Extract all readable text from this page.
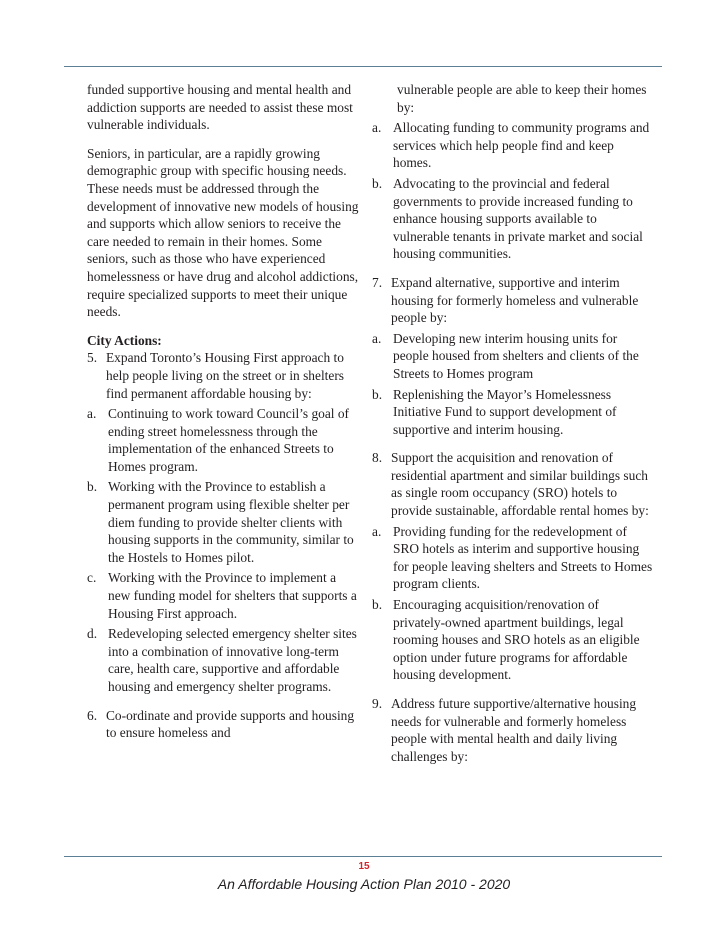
funded supportive housing and mental health and addiction supports are needed to assist these most vulnerable individuals.

Seniors, in particular, are a rapidly growing demographic group with specific housing needs. These needs must be addressed through the development of innovative new models of housing and supports which allow seniors to receive the care needed to remain in their homes. Some seniors, such as those who have experienced homelessness or have drug and alcohol addictions, require specialized supports to meet their unique needs.

City Actions:

5. Expand Toronto’s Housing First approach to help people living on the street or in shelters find permanent affordable housing by:
a. Continuing to work toward Council’s goal of ending street homelessness through the implementation of the enhanced Streets to Homes program.
b. Working with the Province to establish a permanent program using flexible shelter per diem funding to provide shelter clients with housing supports in the community, similar to the Hostels to Homes pilot.
c. Working with the Province to implement a new funding model for shelters that supports a Housing First approach.
d. Redeveloping selected emergency shelter sites into a combination of innovative long-term care, health care, supportive and affordable housing and emergency shelter programs.
6. Co-ordinate and provide supports and housing to ensure homeless and

vulnerable people are able to keep their homes by:

a. Allocating funding to community programs and services which help people find and keep homes.
b. Advocating to the provincial and federal governments to provide increased funding to enhance housing supports available to vulnerable tenants in private market and social housing communities.
7. Expand alternative, supportive and interim housing for formerly homeless and vulnerable people by:
a. Developing new interim housing units for people housed from shelters and clients of the Streets to Homes program
b. Replenishing the Mayor’s Homelessness Initiative Fund to support development of supportive and interim housing.
8. Support the acquisition and renovation of residential apartment and similar buildings such as single room occupancy (SRO) hotels to provide sustainable, affordable rental homes by:
a. Providing funding for the redevelopment of SRO hotels as interim and supportive housing for people leaving shelters and Streets to Homes program clients.
b. Encouraging acquisition/renovation of privately-owned apartment buildings, legal rooming houses and SRO hotels as an eligible option under future programs for affordable housing development.
9. Address future supportive/alternative housing needs for vulnerable and formerly homeless people with mental health and daily living challenges by:
15
An Affordable Housing Action Plan 2010 - 2020
